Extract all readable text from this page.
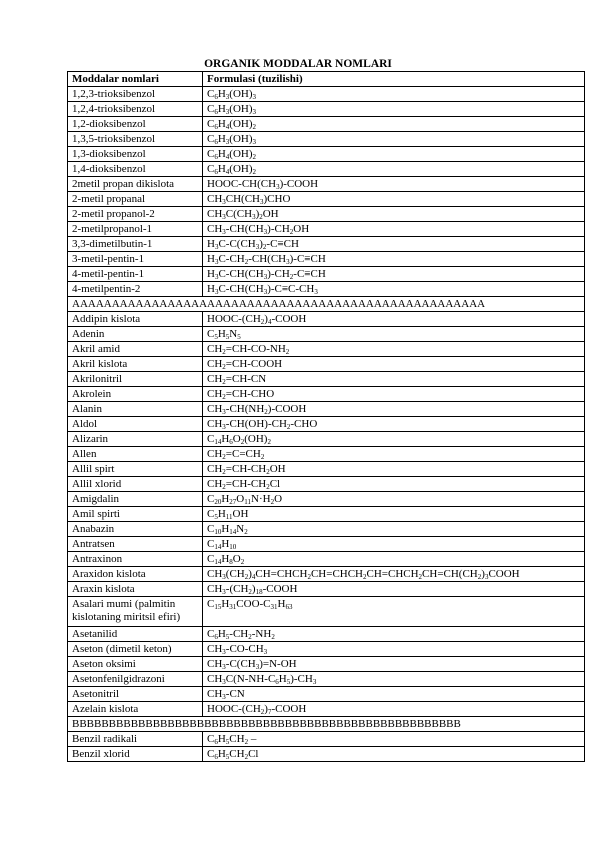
ORGANIK MODDALAR NOMLARI
Moddalar nomlari	Formulasi (tuzilishi)
1,2,3-trioksibenzol	$C_6H_3(OH)_3$
1,2,4-trioksibenzol	$C_6H_3(OH)_3$
1,2-dioksibenzol	$C_6H_4(OH)_2$
1,3,5-trioksibenzol	$C_6H_3(OH)_3$
1,3-dioksibenzol	$C_6H_4(OH)_2$
1,4-dioksibenzol	$C_6H_4(OH)_2$
2metil propan dikislota	HOOC-$CH(CH_3)$-COOH
2-metil propanal	$CH_3CH(CH_3)CHO$
2-metil propanol-2	$CH_3C(CH_3)_2OH$
2-metilpropanol-1	$CH_3-CH(CH_3)-CH_2OH$
3,3-dimetilbutin-1	$H_3C-C(CH_3)_2-C\equiv CH$
3-metil-pentin-1	$H_3C-CH_2-CH(CH_3)-C\equiv CH$
4-metil-pentin-1	$H_3C-CH(CH_3)-CH_2-C\equiv CH$
4-metilpentin-2	$H_3C-CH(CH_3)-C\equiv C-CH_3$
AAAAAAAAAAAAAAAAAAAAAAAAAAAAAAAAAAAAAAAAAAAAAAAAAAAA	
Addipin kislota	HOOC-$(CH_2)_4$-COOH
Adenin	$C_5H_5N_5$
Akril amid	$CH_2=CH-CO-NH_2$
Akril kislota	$CH_2=CH$-COOH
Akrilonitril	$CH_2=CH-CN$
Akrolein	$CH_2=CH$-CHO
Alanin	$CH_3-CH(NH_2)$-COOH
Aldol	$CH_3-CH(OH)-CH_2$-CHO
Alizarin	$C_{14}H_6O_2(OH)_2$
Allen	$CH_2=C=CH_2$
Allil spirt	$CH_2=CH-CH_2OH$
Allil xlorid	$CH_2=CH-CH_2Cl$
Amigdalin	$C_{20}H_{27}O_{11}N\cdot H_2O$
Amil spirti	$C_5H_{11}OH$
Anabazin	$C_{10}H_{14}N_2$
Antratsen	$C_{14}H_{10}$
Antraxinon	$C_{14}H_8O_2$
Araxidon kislota	$CH_3(CH_2)_4CH=CHCH_2CH=CHCH_2CH=CHCH_2CH=CH(CH_2)_3COOH$
Araxin kislota	$CH_3-(CH_2)_{18}$-COOH
Asalari mumi (palmitin kislotaning miritsil efiri)	$C_{15}H_{31}COO-C_{31}H_{63}$
Asetanilid	$C_6H_5-CH_2-NH_2$
Aseton (dimetil keton)	$CH_3-CO-CH_3$
Aseton oksimi	$CH_3-C(CH_3)=N-OH$
Asetonfenilgidrazoni	$CH_3C(N-NH-C_6H_5)-CH_3$
Asetonitril	$CH_3-CN$
Azelain kislota	HOOC-$(CH_2)_7$-COOH
BBBBBBBBBBBBBBBBBBBBBBBBBBBBBBBBBBBBBBBBBBBBBBBBBBBBB	
Benzil radikali	$C_6H_5CH_2$ –
Benzil xlorid	$C_6H_5CH_2Cl$
